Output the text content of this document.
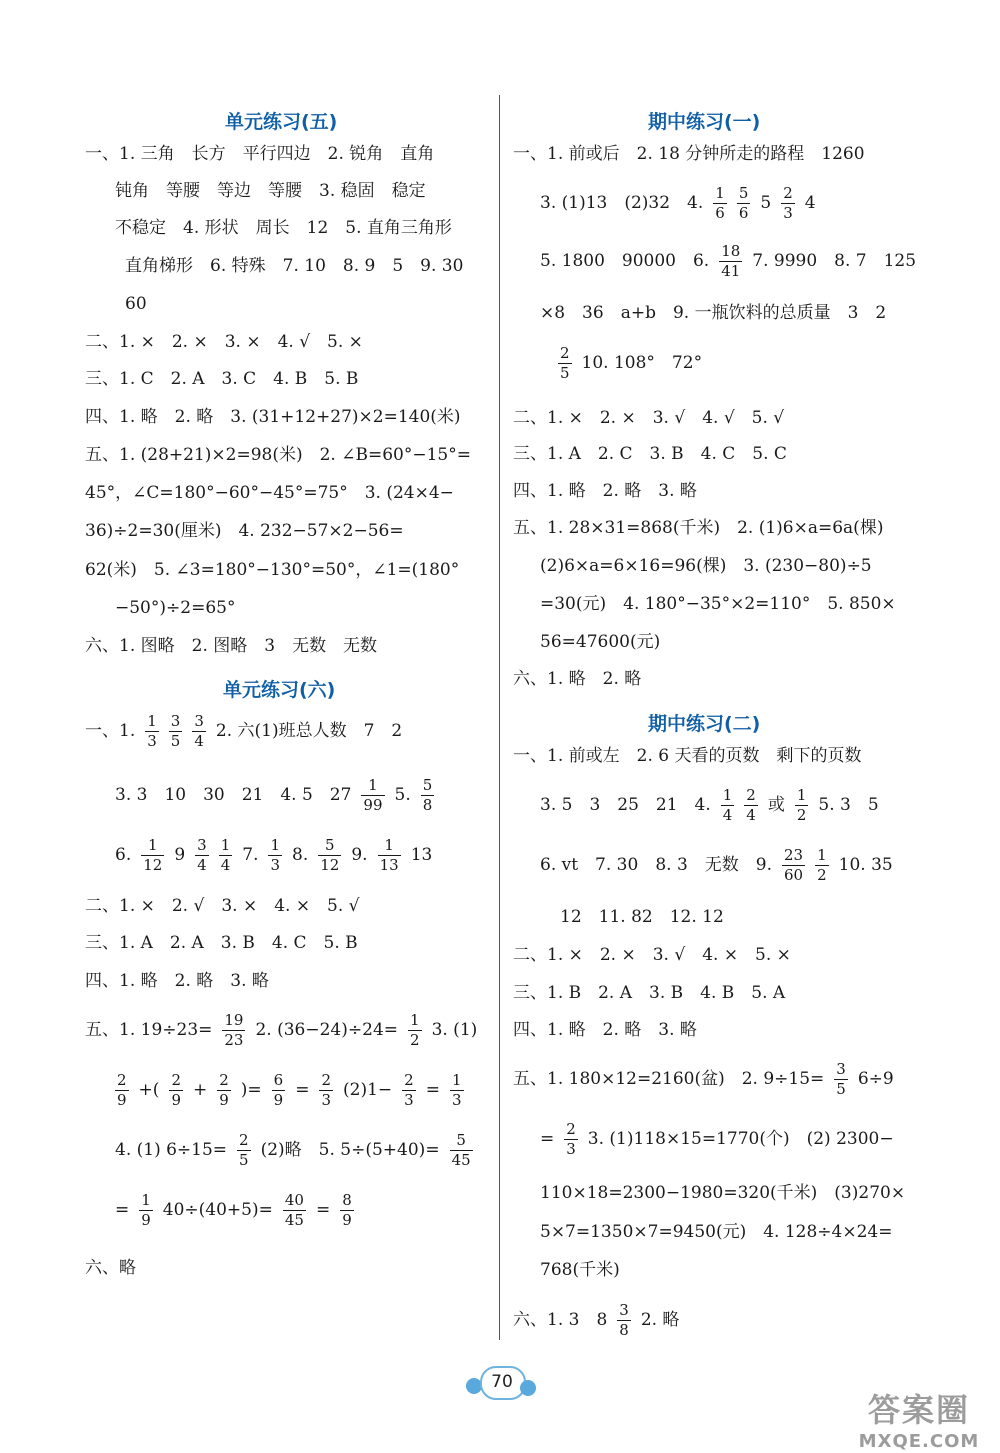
单元练习(五)
一、1. 三角　长方　平行四边　2. 锐角　直角
钝角　等腰　等边　等腰　3. 稳固　稳定
不稳定　4. 形状　周长　12　5. 直角三角形
直角梯形　6. 特殊　7. 10　8. 9　5　9. 30
60
二、1. ×　2. ×　3. ×　4. √　5. ×
三、1. C　2. A　3. C　4. B　5. B
四、1. 略　2. 略　3. (31+12+27)×2=140(米)
五、1. (28+21)×2=98(米)　2. ∠B=60°−15°=
45°，∠C=180°−60°−45°=75°　3. (24×4−
36)÷2=30(厘米)　4. 232−57×2−56=
62(米)　5. ∠3=180°−130°=50°，∠1=(180°
−50°)÷2=65°
六、1. 图略　2. 图略　3　无数　无数
单元练习(六)
一、1. $\frac{1}{3} \frac{3}{5} \frac{3}{4} 2$. 六(1)班总人数　7　2
3. 3　10　30　21　4. 5　$27 \frac{1}{99} 5$. $\frac{5}{8}$
6. $\frac{1}{12} 9 \frac{3}{4} \frac{1}{4} 7$. $\frac{1}{3} 8$. $\frac{5}{12} 9$. $\frac{1}{13} 13$
二、1. ×　2. √　3. ×　4. ×　5. √
三、1. A　2. A　3. B　4. C　5. B
四、1. 略　2. 略　3. 略
五、1. $19\div 23= \frac{19}{23} 2$. $(36-24)\div 24= \frac{1}{2} 3$. (1)
$\frac{2}{9}$ +( $\frac{2}{9} + \frac{2}{9}$ )= $\frac{6}{9} = \frac{2}{3} (2)1- \frac{2}{3} = \frac{1}{3}$
4. (1) $6\div 15= \frac{2}{5} (2)$略　5. $5\div(5+40)= \frac{5}{45}$
= $\frac{1}{9} 40\div(40+5)= \frac{40}{45} = \frac{8}{9}$
六、略
期中练习(一)
一、1. 前或后　2. 18 分钟所走的路程　1260
3. (1)13　(2)32　4. $\frac{1}{6} \frac{5}{6} 5 \frac{2}{3} 4$
5. 1800　90000　6. $\frac{18}{41} 7$. 9990　8. 7　125
×8　36　a+b　9. 一瓶饮料的总质量　3　2
$\frac{2}{5} 10$. 108°　72°
二、1. ×　2. ×　3. √　4. √　5. √
三、1. A　2. C　3. B　4. C　5. C
四、1. 略　2. 略　3. 略
五、1. 28×31=868(千米)　2. (1)6×a=6a(棵)
(2)6×a=6×16=96(棵)　3. (230−80)÷5
=30(元)　4. 180°−35°×2=110°　5. 850×
56=47600(元)
六、1. 略　2. 略
期中练习(二)
一、1. 前或左　2. 6 天看的页数　剩下的页数
3. 5　3　25　21　4. $\frac{1}{4} \frac{2}{4}$ 或 $\frac{1}{2} 5$. 3　5
6. vt　7. 30　8. 3　无数　9. $\frac{23}{60} \frac{1}{2} 10$. 35
12　11. 82　12. 12
二、1. ×　2. ×　3. √　4. ×　5. ×
三、1. B　2. A　3. B　4. B　5. A
四、1. 略　2. 略　3. 略
五、1. 180×12=2160(盆)　2. $9\div 15= \frac{3}{5} 6\div 9$
= $\frac{2}{3} 3$. (1)118×15=1770(个)　(2) 2300−
110×18=2300−1980=320(千米)　(3)270×
5×7=1350×7=9450(元)　4. 128÷4×24=
768(千米)
六、1. 3　$8 \frac{3}{8} 2$. 略
70
答案圈
MXQE.COM
